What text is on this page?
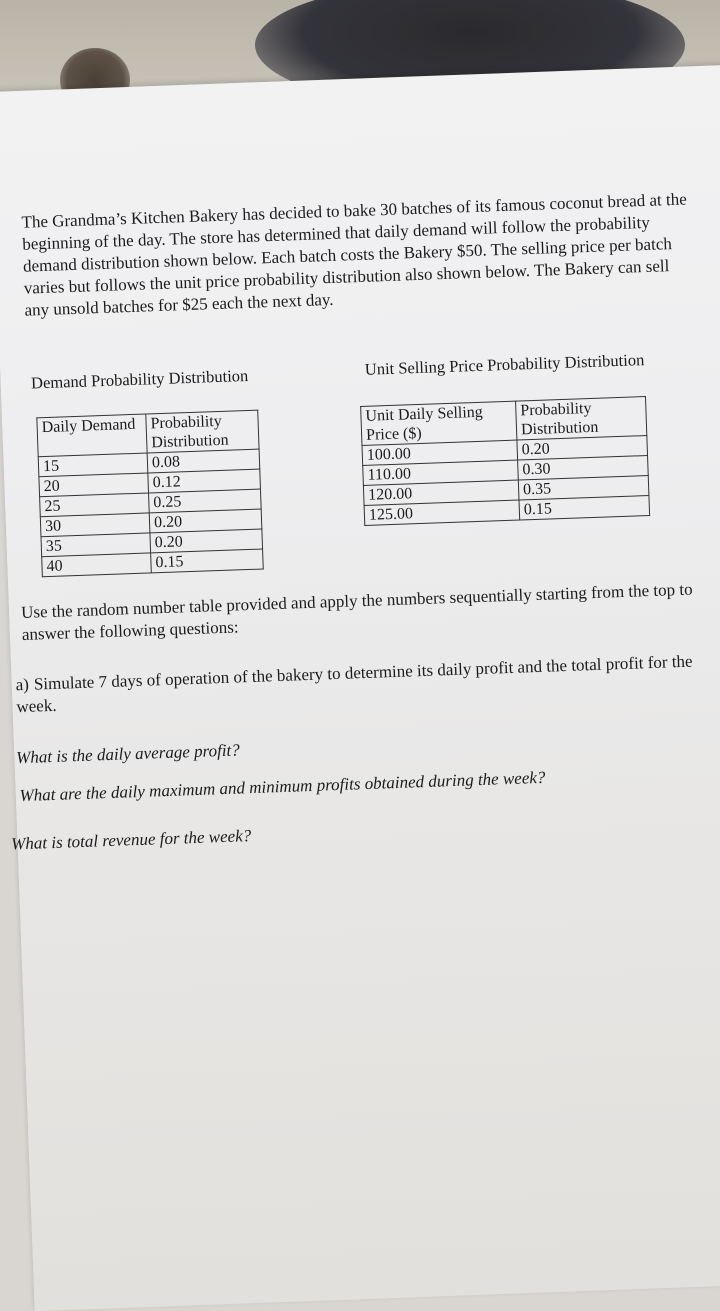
The Grandma’s Kitchen Bakery has decided to bake 30 batches of its famous coconut bread at the beginning of the day. The store has determined that daily demand will follow the probability demand distribution shown below. Each batch costs the Bakery $50. The selling price per batch varies but follows the unit price probability distribution also shown below. The Bakery can sell any unsold batches for $25 each the next day.
Demand Probability Distribution
Unit Selling Price Probability Distribution
Daily Demand	Probability Distribution
15	0.08
20	0.12
25	0.25
30	0.20
35	0.20
40	0.15
Unit Daily Selling Price ($)	Probability Distribution
100.00	0.20
110.00	0.30
120.00	0.35
125.00	0.15
Use the random number table provided and apply the numbers sequentially starting from the top to answer the following questions:
a) Simulate 7 days of operation of the bakery to determine its daily profit and the total profit for the week.
What is the daily average profit?
What are the daily maximum and minimum profits obtained during the week?
What is total revenue for the week?
